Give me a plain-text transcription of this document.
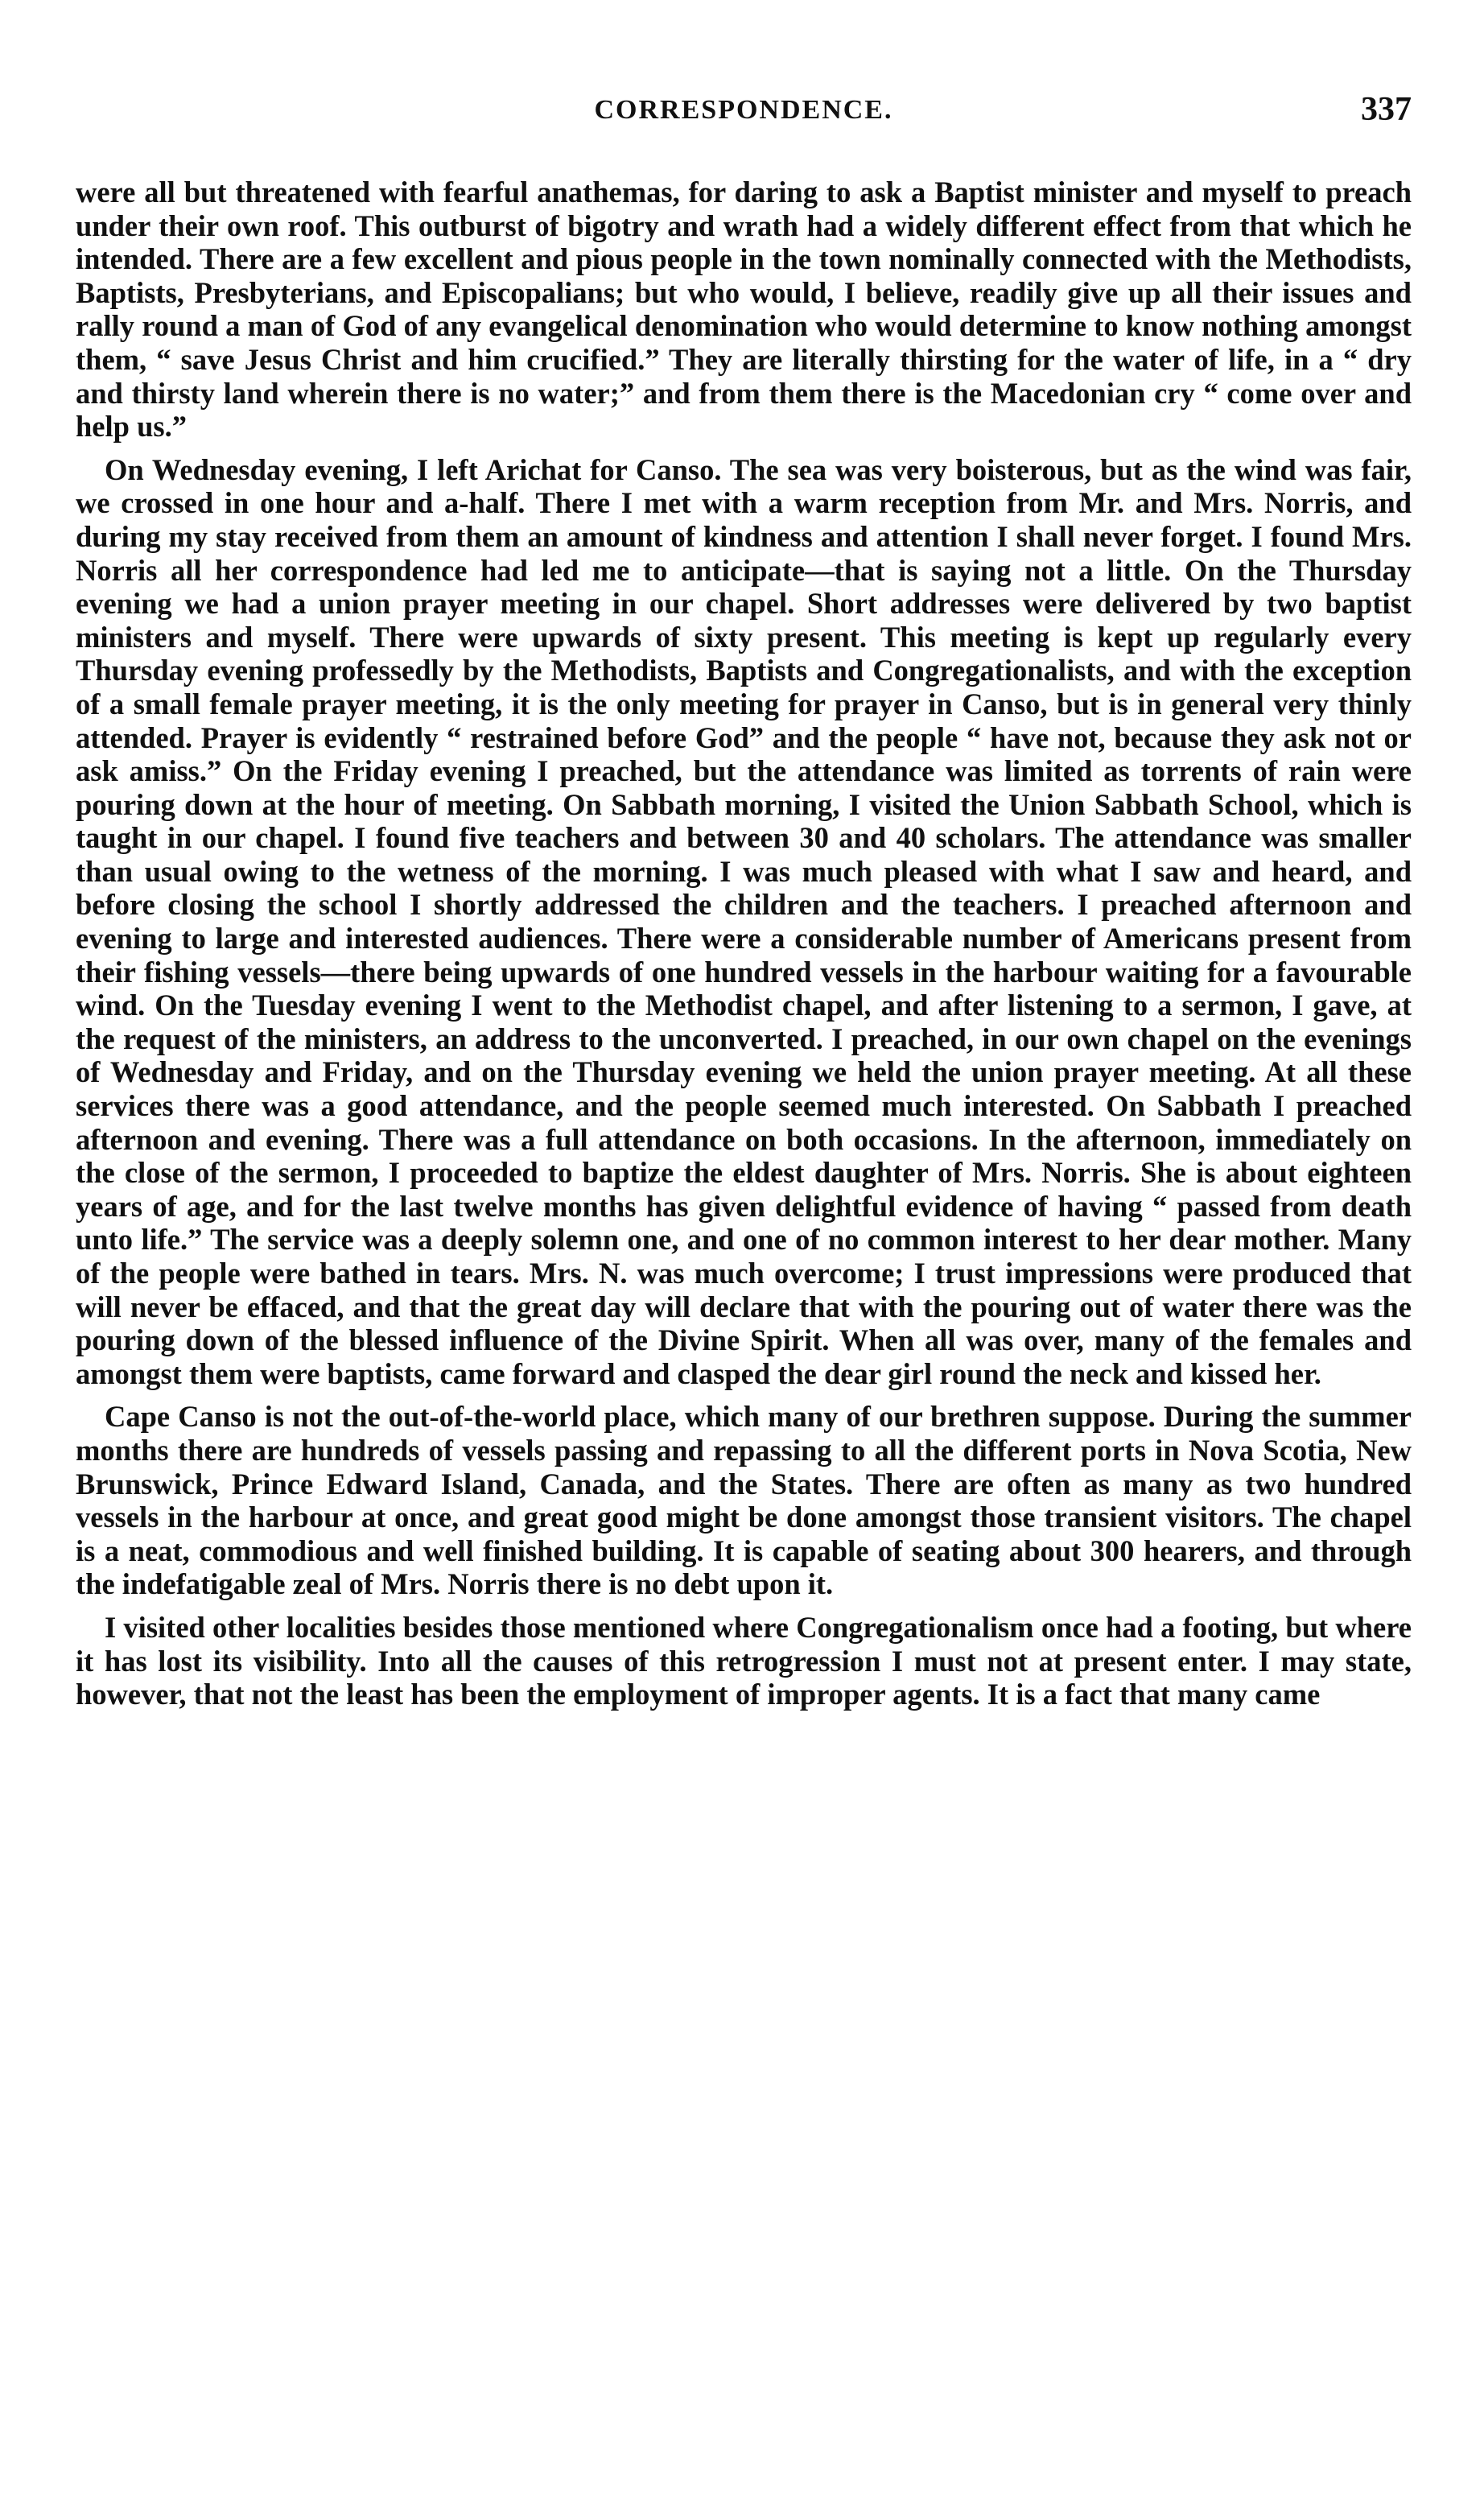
CORRESPONDENCE.	337

were all but threatened with fearful anathemas, for daring to ask a Baptist minister and myself to preach under their own roof. This outburst of bigotry and wrath had a widely different effect from that which he intended. There are a few excellent and pious people in the town nominally connected with the Methodists, Baptists, Presbyterians, and Episcopalians; but who would, I believe, readily give up all their issues and rally round a man of God of any evangelical denomination who would determine to know nothing amongst them, “ save Jesus Christ and him crucified.” They are literally thirsting for the water of life, in a “ dry and thirsty land wherein there is no water;” and from them there is the Macedonian cry “ come over and help us.”

On Wednesday evening, I left Arichat for Canso. The sea was very boisterous, but as the wind was fair, we crossed in one hour and a-half. There I met with a warm reception from Mr. and Mrs. Norris, and during my stay received from them an amount of kindness and attention I shall never forget. I found Mrs. Norris all her correspondence had led me to anticipate—that is saying not a little. On the Thursday evening we had a union prayer meeting in our chapel. Short addresses were delivered by two baptist ministers and myself. There were upwards of sixty present. This meeting is kept up regularly every Thursday evening professedly by the Methodists, Baptists and Congregationalists, and with the exception of a small female prayer meeting, it is the only meeting for prayer in Canso, but is in general very thinly attended. Prayer is evidently “ restrained before God” and the people “ have not, because they ask not or ask amiss.” On the Friday evening I preached, but the attendance was limited as torrents of rain were pouring down at the hour of meeting. On Sabbath morning, I visited the Union Sabbath School, which is taught in our chapel. I found five teachers and between 30 and 40 scholars. The attendance was smaller than usual owing to the wetness of the morning. I was much pleased with what I saw and heard, and before closing the school I shortly addressed the children and the teachers. I preached afternoon and evening to large and interested audiences. There were a considerable number of Americans present from their fishing vessels—there being upwards of one hundred vessels in the harbour waiting for a favourable wind. On the Tuesday evening I went to the Methodist chapel, and after listening to a sermon, I gave, at the request of the ministers, an address to the unconverted. I preached, in our own chapel on the evenings of Wednesday and Friday, and on the Thursday evening we held the union prayer meeting. At all these services there was a good attendance, and the people seemed much interested. On Sabbath I preached afternoon and evening. There was a full attendance on both occasions. In the afternoon, immediately on the close of the sermon, I proceeded to baptize the eldest daughter of Mrs. Norris. She is about eighteen years of age, and for the last twelve months has given delightful evidence of having “ passed from death unto life.” The service was a deeply solemn one, and one of no common interest to her dear mother. Many of the people were bathed in tears. Mrs. N. was much overcome; I trust impressions were produced that will never be effaced, and that the great day will declare that with the pouring out of water there was the pouring down of the blessed influence of the Divine Spirit. When all was over, many of the females and amongst them were baptists, came forward and clasped the dear girl round the neck and kissed her.

Cape Canso is not the out-of-the-world place, which many of our brethren suppose. During the summer months there are hundreds of vessels passing and repassing to all the different ports in Nova Scotia, New Brunswick, Prince Edward Island, Canada, and the States. There are often as many as two hundred vessels in the harbour at once, and great good might be done amongst those transient visitors. The chapel is a neat, commodious and well finished building. It is capable of seating about 300 hearers, and through the indefatigable zeal of Mrs. Norris there is no debt upon it.

I visited other localities besides those mentioned where Congregationalism once had a footing, but where it has lost its visibility. Into all the causes of this retrogression I must not at present enter. I may state, however, that not the least has been the employment of improper agents. It is a fact that many came
